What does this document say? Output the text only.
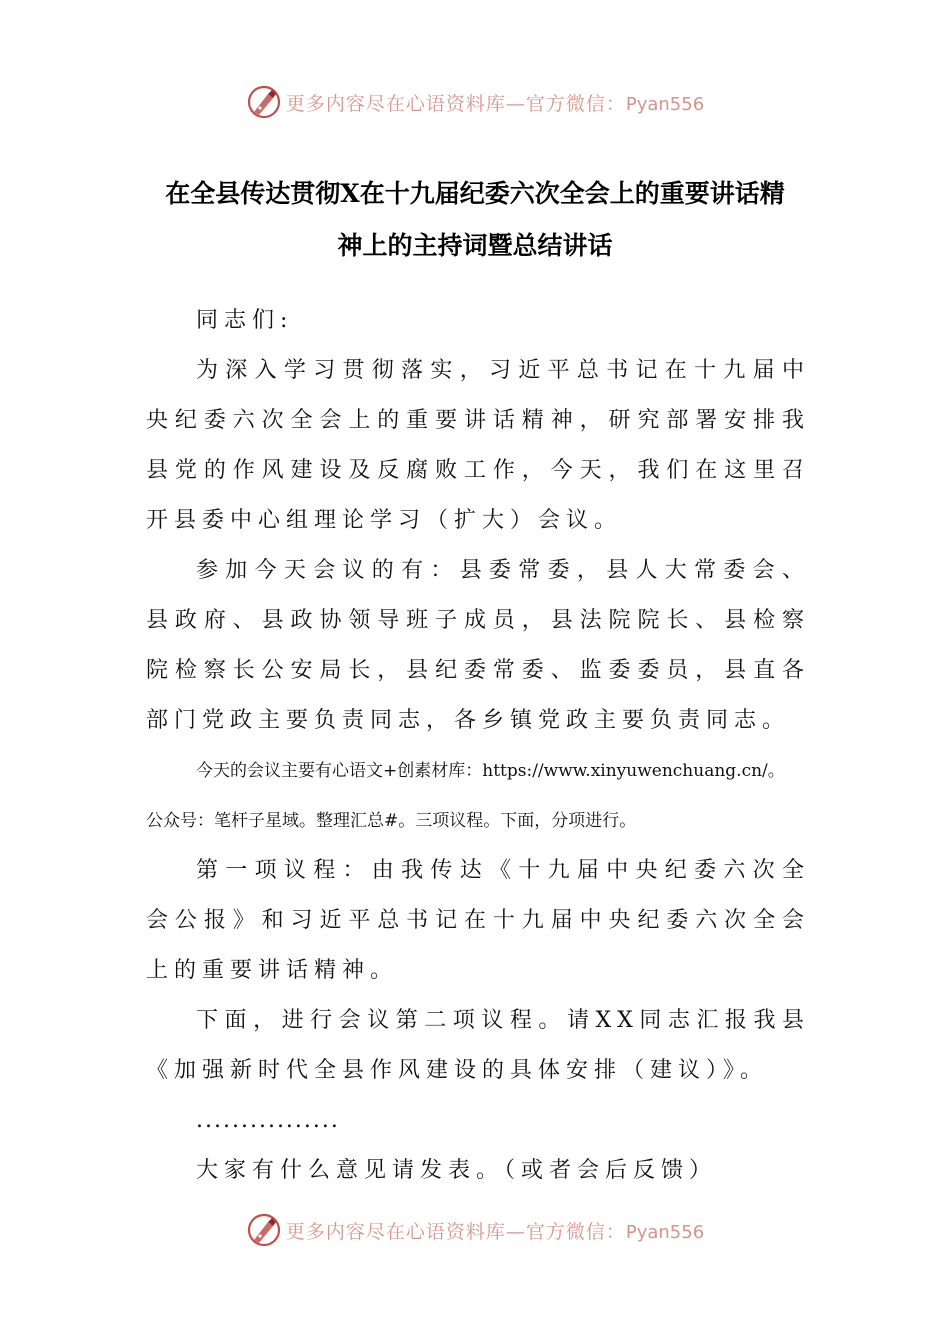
更多内容尽在心语资料库—官方微信：Pyan556
在全县传达贯彻X在十九届纪委六次全会上的重要讲话精
神上的主持词暨总结讲话

同志们:

为深入学习贯彻落实，习近平总书记在十九届中央纪委六次全会上的重要讲话精神，研究部署安排我县党的作风建设及反腐败工作，今天，我们在这里召开县委中心组理论学习（扩大）会议。

参加今天会议的有：县委常委，县人大常委会、县政府、县政协领导班子成员，县法院院长、县检察院检察长公安局长，县纪委常委、监委委员，县直各部门党政主要负责同志，各乡镇党政主要负责同志。

今天的会议主要有心语文+创素材库：https://www.xinyuwenchuang.cn/。

公众号：笔杆子星域。整理汇总#。三项议程。下面，分项进行。

第一项议程：由我传达《十九届中央纪委六次全会公报》和习近平总书记在十九届中央纪委六次全会上的重要讲话精神。

下面，进行会议第二项议程。请XX同志汇报我县《加强新时代全县作风建设的具体安排（建议）》。

................

大家有什么意见请发表。（或者会后反馈）

更多内容尽在心语资料库—官方微信：Pyan556
